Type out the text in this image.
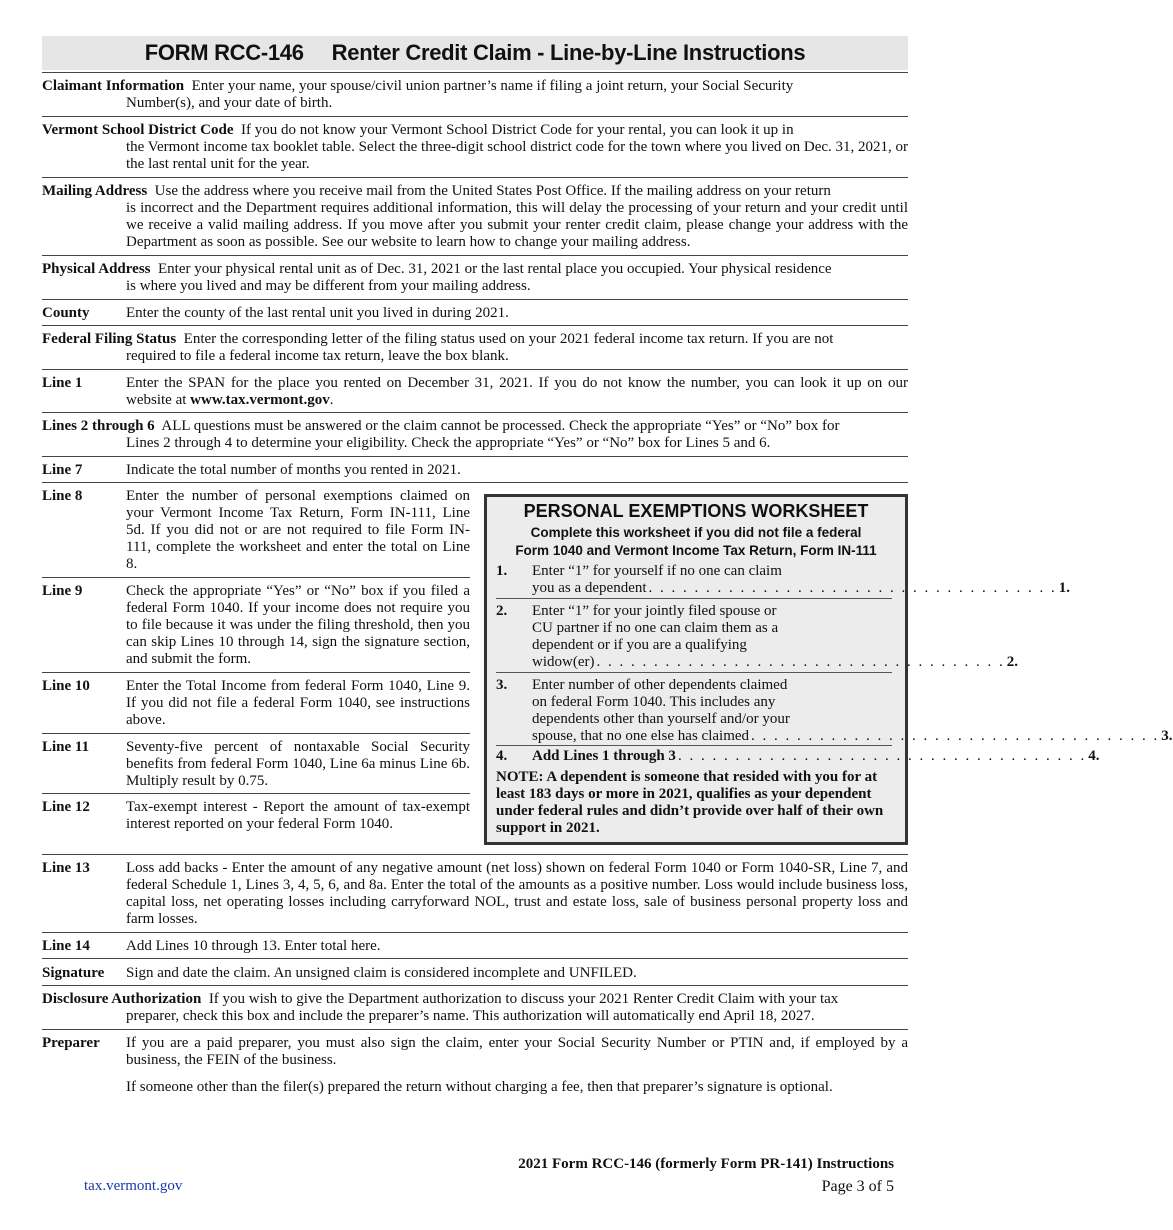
FORM RCC-146 Renter Credit Claim - Line-by-Line Instructions
Claimant Information Enter your name, your spouse/civil union partner’s name if filing a joint return, your Social Security
Number(s), and your date of birth.
Vermont School District Code If you do not know your Vermont School District Code for your rental, you can look it up in
the Vermont income tax booklet table. Select the three-digit school district code for the town where you lived on Dec. 31, 2021, or the last rental unit for the year.
Mailing Address Use the address where you receive mail from the United States Post Office. If the mailing address on your return
is incorrect and the Department requires additional information, this will delay the processing of your return and your credit until we receive a valid mailing address. If you move after you submit your renter credit claim, please change your address with the Department as soon as possible. See our website to learn how to change your mailing address.
Physical Address Enter your physical rental unit as of Dec. 31, 2021 or the last rental place you occupied. Your physical residence
is where you lived and may be different from your mailing address.
County Enter the county of the last rental unit you lived in during 2021.
Federal Filing Status Enter the corresponding letter of the filing status used on your 2021 federal income tax return. If you are not
required to file a federal income tax return, leave the box blank.
Line 1	Enter the SPAN for the place you rented on December 31, 2021. If you do not know the number, you can look it up on our website at www.tax.vermont.gov.
Lines 2 through 6 ALL questions must be answered or the claim cannot be processed. Check the appropriate “Yes” or “No” box for
Lines 2 through 4 to determine your eligibility. Check the appropriate “Yes” or “No” box for Lines 5 and 6.
Line 7	Indicate the total number of months you rented in 2021.
Line 8	Enter the number of personal exemptions claimed on your Vermont Income Tax Return, Form IN-111, Line 5d. If you did not or are not required to file Form IN-111, complete the worksheet and enter the total on Line 8.
Line 9	Check the appropriate “Yes” or “No” box if you filed a federal Form 1040. If your income does not require you to file because it was under the filing threshold, then you can skip Lines 10 through 14, sign the signature section, and submit the form.
Line 10 Enter the Total Income from federal Form 1040, Line 9. If you did not file a federal Form 1040, see instructions above.
Line 11 Seventy-five percent of nontaxable Social Security benefits from federal Form 1040, Line 6a minus Line 6b. Multiply result by 0.75.
Line 12 Tax-exempt interest - Report the amount of tax-exempt interest reported on your federal Form 1040.
PERSONAL EXEMPTIONS WORKSHEET
Complete this worksheet if you did not file a federal
Form 1040 and Vermont Income Tax Return, Form IN-111
1. Enter “1” for yourself if no one can claim
you as a dependent . . . . . . . . . . . . . . . . . . . . . . . . . . . . . . . . . . . . 1.
2. Enter “1” for your jointly filed spouse or
CU partner if no one can claim them as a
dependent or if you are a qualifying
widow(er) . . . . . . . . . . . . . . . . . . . . . . . . . . . . . . . . . . . . 2.
3. Enter number of other dependents claimed
on federal Form 1040. This includes any
dependents other than yourself and/or your
spouse, that no one else has claimed . . . . . . . . . . . . . . . . . . . . . . . . . . . . . . . . . . . . 3.
4. Add Lines 1 through 3 . . . . . . . . . . . . . . . . . . . . . . . . . . . . . . . . . . . . 4.
NOTE: A dependent is someone that resided with you for at least 183 days or more in 2021, qualifies as your dependent under federal rules and didn’t provide over half of their own support in 2021.
Line 13 Loss add backs - Enter the amount of any negative amount (net loss) shown on federal Form 1040 or Form 1040-SR, Line 7, and federal Schedule 1, Lines 3, 4, 5, 6, and 8a. Enter the total of the amounts as a positive number. Loss would include business loss, capital loss, net operating losses including carryforward NOL, trust and estate loss, sale of business personal property loss and farm losses.
Line 14 Add Lines 10 through 13. Enter total here.
Signature Sign and date the claim. An unsigned claim is considered incomplete and UNFILED.
Disclosure Authorization If you wish to give the Department authorization to discuss your 2021 Renter Credit Claim with your tax
preparer, check this box and include the preparer’s name. This authorization will automatically end April 18, 2027.
Preparer If you are a paid preparer, you must also sign the claim, enter your Social Security Number or PTIN and, if employed by a business, the FEIN of the business.
If someone other than the filer(s) prepared the return without charging a fee, then that preparer’s signature is optional.
2021 Form RCC-146 (formerly Form PR-141) Instructions
tax.vermont.gov	Page 3 of 5
